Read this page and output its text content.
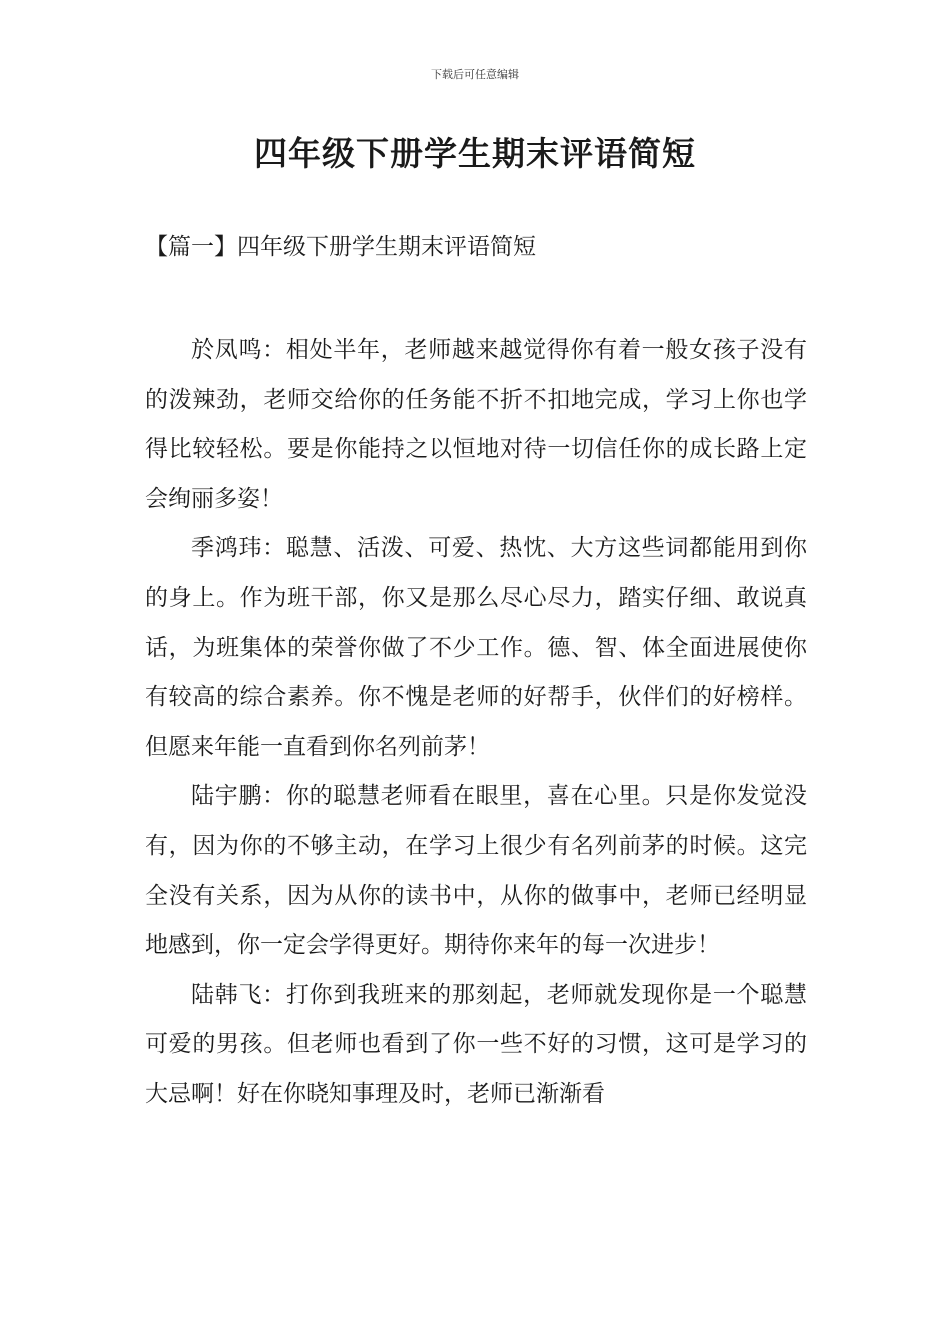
下载后可任意编辑
四年级下册学生期末评语简短
【篇一】四年级下册学生期末评语简短

於凤鸣：相处半年，老师越来越觉得你有着一般女孩子没有的泼辣劲，老师交给你的任务能不折不扣地完成，学习上你也学得比较轻松。要是你能持之以恒地对待一切信任你的成长路上定会绚丽多姿！

季鸿玮：聪慧、活泼、可爱、热忱、大方这些词都能用到你的身上。作为班干部，你又是那么尽心尽力，踏实仔细、敢说真话，为班集体的荣誉你做了不少工作。德、智、体全面进展使你有较高的综合素养。你不愧是老师的好帮手，伙伴们的好榜样。但愿来年能一直看到你名列前茅！

陆宇鹏：你的聪慧老师看在眼里，喜在心里。只是你发觉没有，因为你的不够主动，在学习上很少有名列前茅的时候。这完全没有关系，因为从你的读书中，从你的做事中，老师已经明显地感到，你一定会学得更好。期待你来年的每一次进步！

陆韩飞：打你到我班来的那刻起，老师就发现你是一个聪慧可爱的男孩。但老师也看到了你一些不好的习惯，这可是学习的大忌啊！好在你晓知事理及时，老师已渐渐看
